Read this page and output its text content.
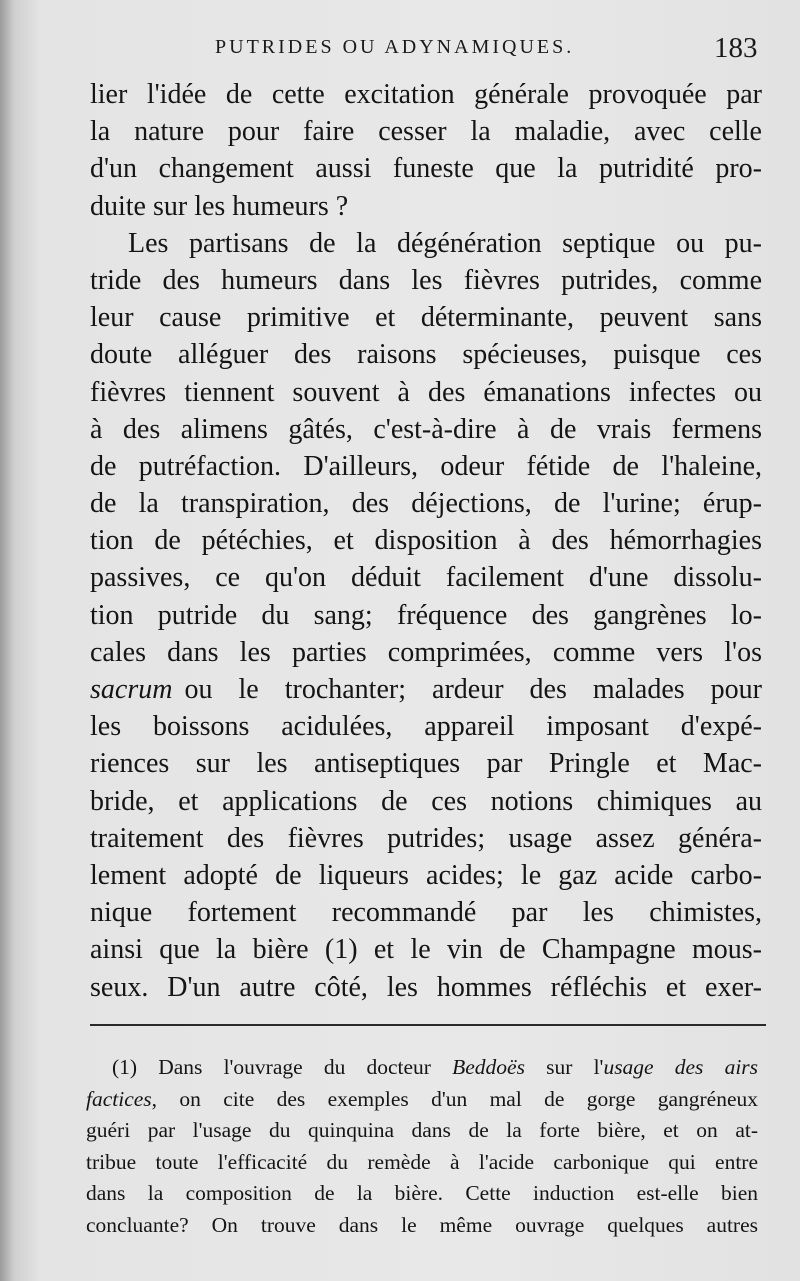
PUTRIDES OU ADYNAMIQUES.	183
lier l'idée de cette excitation générale provoquée par
la nature pour faire cesser la maladie, avec celle
d'un changement aussi funeste que la putridité pro-
duite sur les humeurs ?
Les partisans de la dégénération septique ou pu-
tride des humeurs dans les fièvres putrides, comme
leur cause primitive et déterminante, peuvent sans
doute alléguer des raisons spécieuses, puisque ces
fièvres tiennent souvent à des émanations infectes ou
à des alimens gâtés, c'est-à-dire à de vrais fermens
de putréfaction. D'ailleurs, odeur fétide de l'haleine,
de la transpiration, des déjections, de l'urine; érup-
tion de pétéchies, et disposition à des hémorrhagies
passives, ce qu'on déduit facilement d'une dissolu-
tion putride du sang; fréquence des gangrènes lo-
cales dans les parties comprimées, comme vers l'os
sacrum ou le trochanter; ardeur des malades pour
les boissons acidulées, appareil imposant d'expé-
riences sur les antiseptiques par Pringle et Mac-
bride, et applications de ces notions chimiques au
traitement des fièvres putrides; usage assez généra-
lement adopté de liqueurs acides; le gaz acide carbo-
nique fortement recommandé par les chimistes,
ainsi que la bière (1) et le vin de Champagne mous-
seux. D'un autre côté, les hommes réfléchis et exer-
(1) Dans l'ouvrage du docteur Beddoës sur l'usage des airs
factices, on cite des exemples d'un mal de gorge gangréneux
guéri par l'usage du quinquina dans de la forte bière, et on at-
tribue toute l'efficacité du remède à l'acide carbonique qui entre
dans la composition de la bière. Cette induction est-elle bien
concluante? On trouve dans le même ouvrage quelques autres
